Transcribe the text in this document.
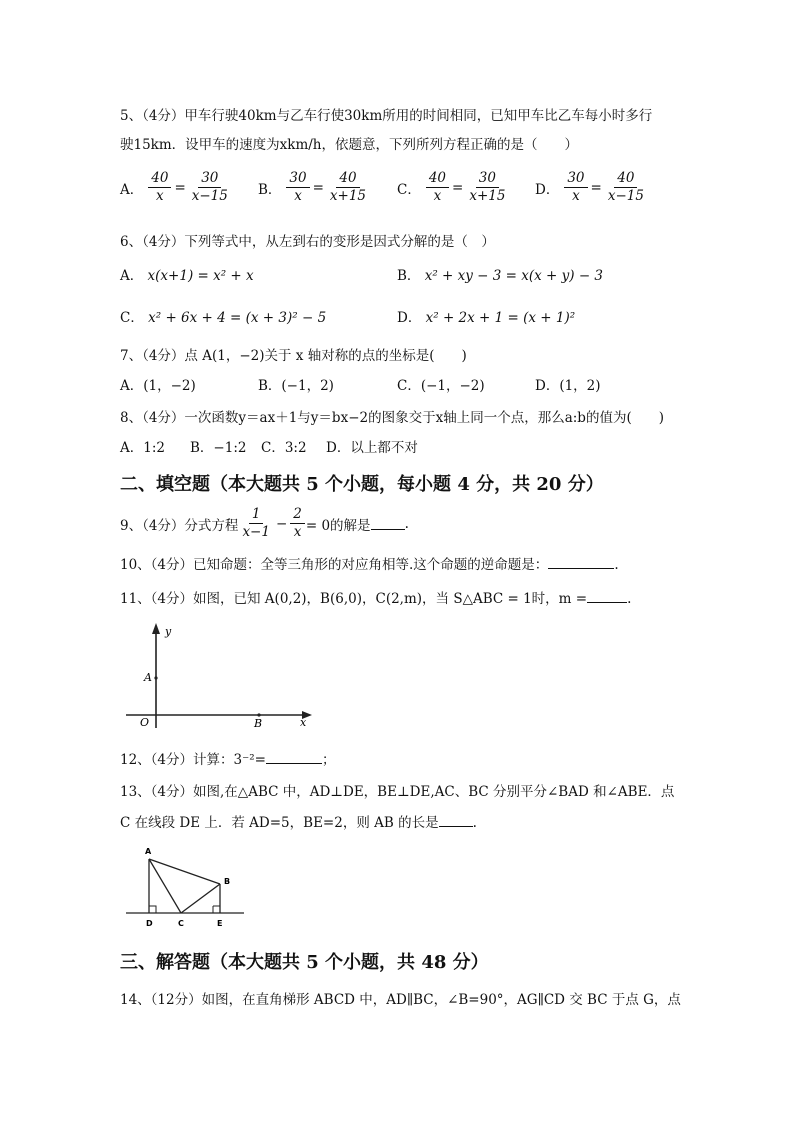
5、（4分）甲车行驶40km与乙车行使30km所用的时间相同，已知甲车比乙车每小时多行
驶15km．设甲车的速度为xkm/h，依题意，下列所列方程正确的是（　　）
A． $\frac{40}{x} = \frac{30}{x-15}$ B． $\frac{30}{x} = \frac{40}{x+15}$ C． $\frac{40}{x} = \frac{30}{x+15}$ D． $\frac{30}{x} = \frac{40}{x-15}$
6、（4分）下列等式中，从左到右的变形是因式分解的是（　）
A． x(x+1) = x² + x	B． x² + xy − 3 = x(x + y) − 3
C． x² + 6x + 4 = (x + 3)² − 5	D． x² + 2x + 1 = (x + 1)²
7、（4分）点 A(1，−2)关于 x 轴对称的点的坐标是(　　)
A．(1，−2)	B．(−1，2)	C．(−1，−2)	D．(1，2)
8、（4分）一次函数y＝ax＋1与y＝bx−2的图象交于x轴上同一个点，那么a:b的值为(　　)
A．1:2 B．−1:2 C．3:2 D．以上都不对
二、填空题（本大题共 5 个小题，每小题 4 分，共 20 分）
9、（4分）分式方程 $\frac{1}{x-1} - \frac{2}{x} = 0$的解是	.
10、（4分）已知命题：全等三角形的对应角相等.这个命题的逆命题是：	.
11、（4分）如图，已知 A(0,2)，B(6,0)，C(2,m)，当 S△ABC = 1时，m =	.
y
x
O
A
B
12、（4分）计算：3⁻²=	；
13、（4分）如图,在△ABC 中，AD⊥DE，BE⊥DE,AC、BC 分别平分∠BAD 和∠ABE．点
C 在线段 DE 上．若 AD=5，BE=2，则 AB 的长是	.
A
B
C
D	E
三、解答题（本大题共 5 个小题，共 48 分）
14、（12分）如图，在直角梯形 ABCD 中，AD∥BC，∠B=90°，AG∥CD 交 BC 于点 G，点
